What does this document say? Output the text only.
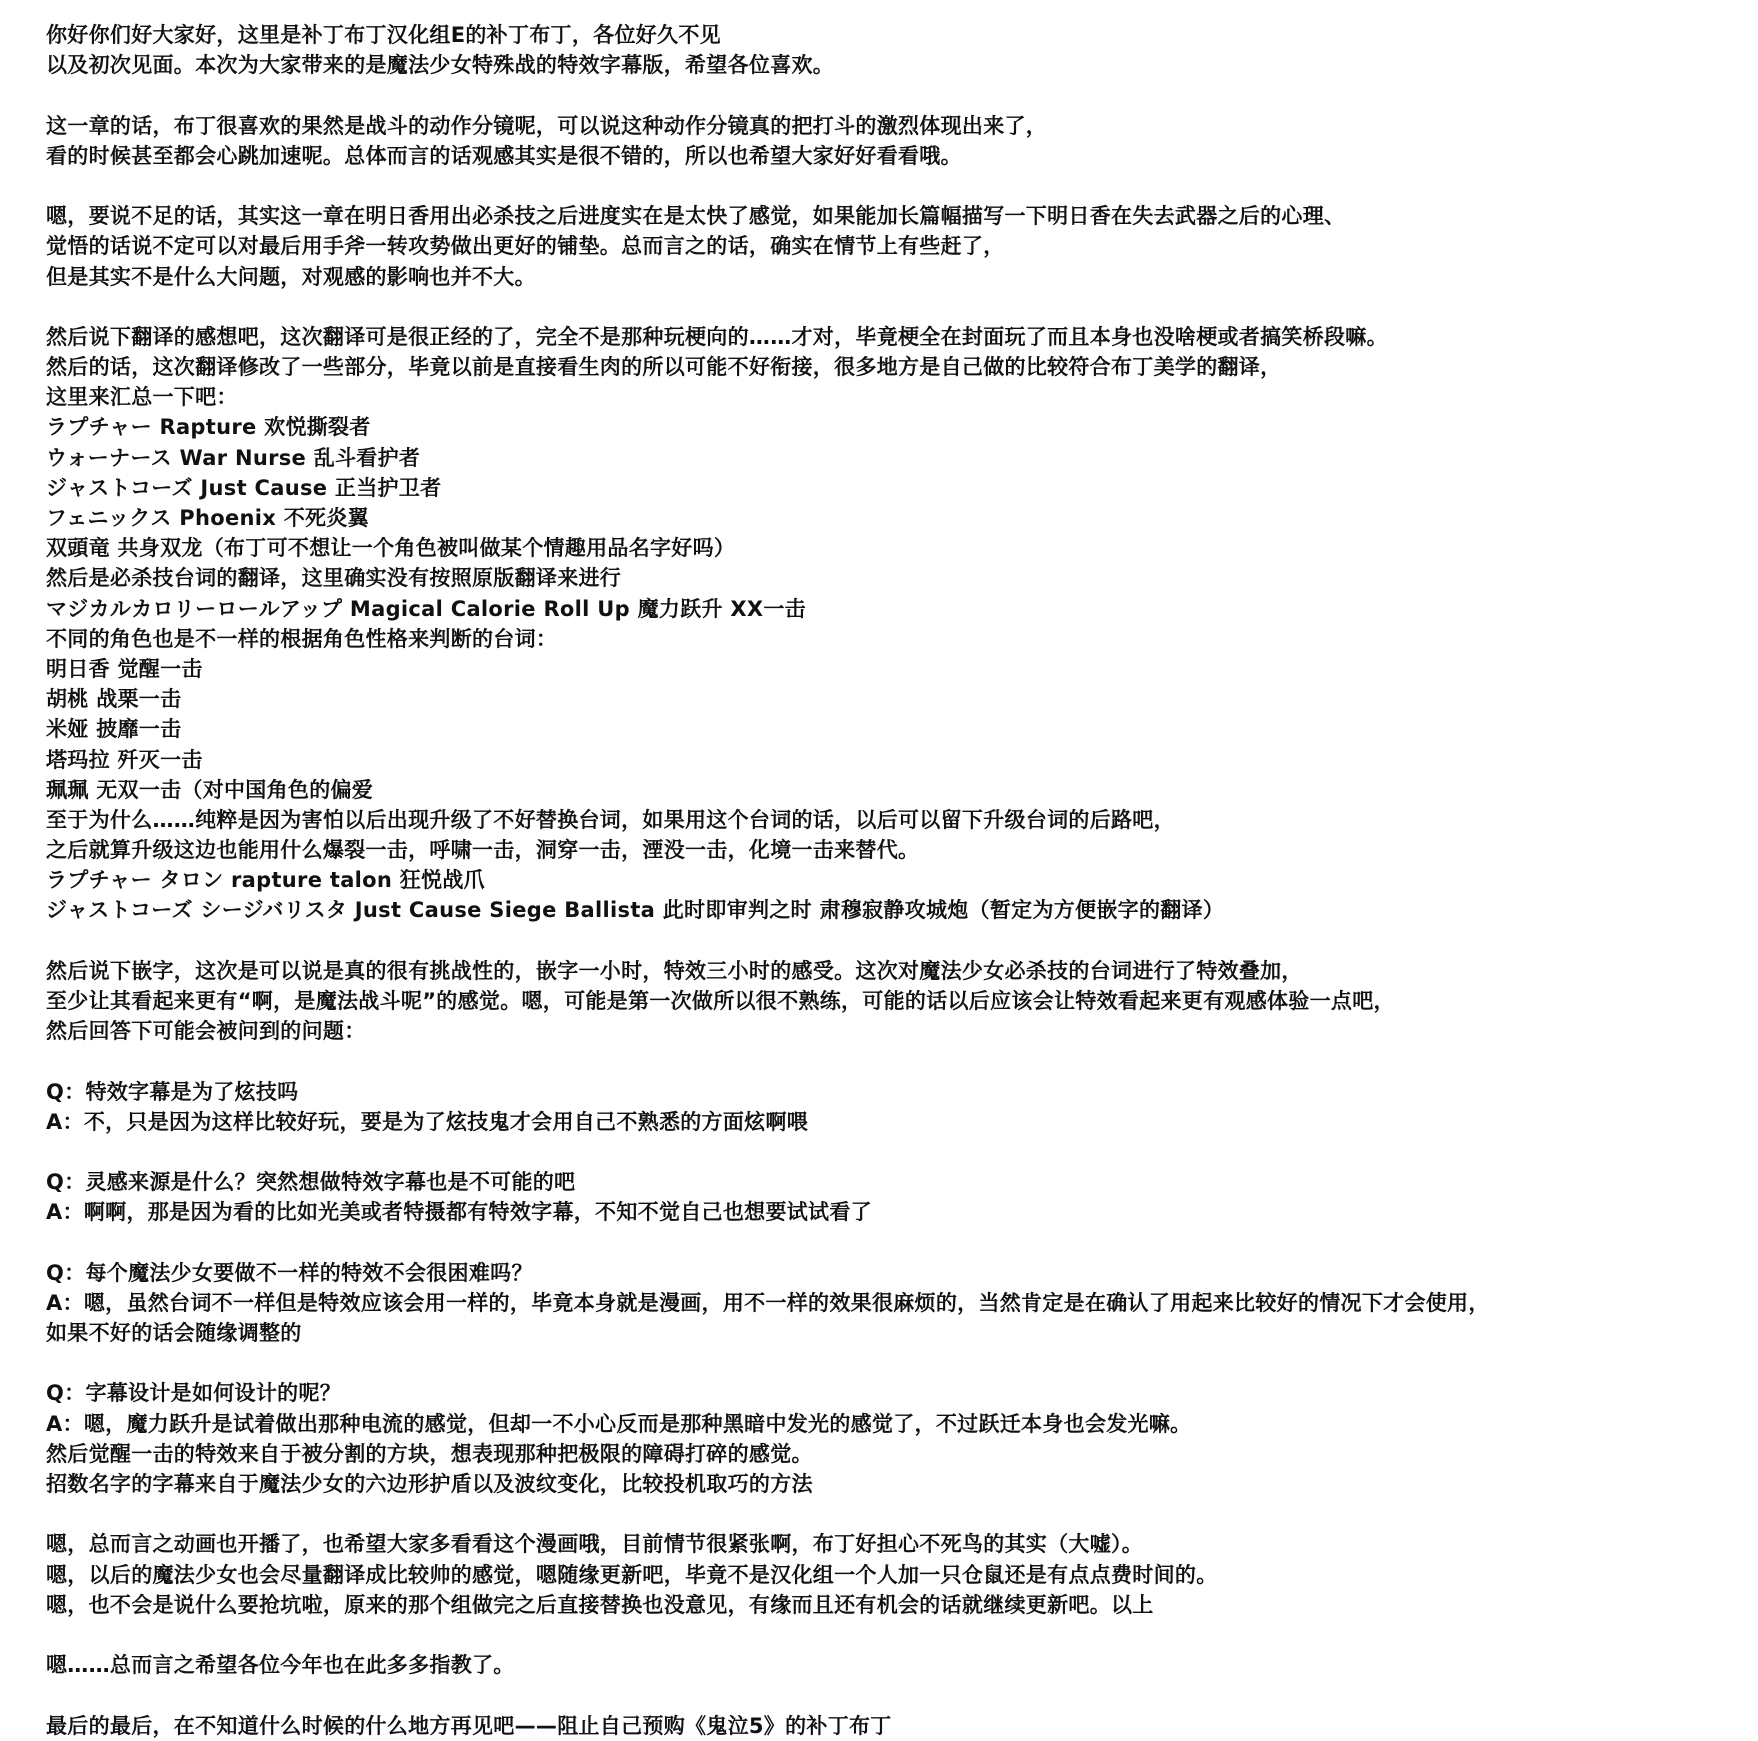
你好你们好大家好，这里是补丁布丁汉化组E的补丁布丁，各位好久不见
以及初次见面。本次为大家带来的是魔法少女特殊战的特效字幕版，希望各位喜欢。
这一章的话，布丁很喜欢的果然是战斗的动作分镜呢，可以说这种动作分镜真的把打斗的激烈体现出来了，
看的时候甚至都会心跳加速呢。总体而言的话观感其实是很不错的，所以也希望大家好好看看哦。
嗯，要说不足的话，其实这一章在明日香用出必杀技之后进度实在是太快了感觉，如果能加长篇幅描写一下明日香在失去武器之后的心理、
觉悟的话说不定可以对最后用手斧一转攻势做出更好的铺垫。总而言之的话，确实在情节上有些赶了，
但是其实不是什么大问题，对观感的影响也并不大。
然后说下翻译的感想吧，这次翻译可是很正经的了，完全不是那种玩梗向的……才对，毕竟梗全在封面玩了而且本身也没啥梗或者搞笑桥段嘛。
然后的话，这次翻译修改了一些部分，毕竟以前是直接看生肉的所以可能不好衔接，很多地方是自己做的比较符合布丁美学的翻译，
这里来汇总一下吧：
ラプチャー Rapture 欢悦撕裂者
ウォーナース War Nurse 乱斗看护者
ジャストコーズ Just Cause 正当护卫者
フェニックス Phoenix 不死炎翼
双頭竜 共身双龙（布丁可不想让一个角色被叫做某个情趣用品名字好吗）
然后是必杀技台词的翻译，这里确实没有按照原版翻译来进行
マジカルカロリーロールアップ Magical Calorie Roll Up 魔力跃升 XX一击
不同的角色也是不一样的根据角色性格来判断的台词：
明日香 觉醒一击
胡桃 战栗一击
米娅 披靡一击
塔玛拉 歼灭一击
珮珮 无双一击（对中国角色的偏爱
至于为什么……纯粹是因为害怕以后出现升级了不好替换台词，如果用这个台词的话，以后可以留下升级台词的后路吧，
之后就算升级这边也能用什么爆裂一击，呼啸一击，洞穿一击，湮没一击，化境一击来替代。
ラプチャー タロン rapture talon 狂悦战爪
ジャストコーズ シージバリスタ Just Cause Siege Ballista 此时即审判之时 肃穆寂静攻城炮（暂定为方便嵌字的翻译）
然后说下嵌字，这次是可以说是真的很有挑战性的，嵌字一小时，特效三小时的感受。这次对魔法少女必杀技的台词进行了特效叠加，
至少让其看起来更有“啊，是魔法战斗呢”的感觉。嗯，可能是第一次做所以很不熟练，可能的话以后应该会让特效看起来更有观感体验一点吧，
然后回答下可能会被问到的问题：
Q：特效字幕是为了炫技吗
A：不，只是因为这样比较好玩，要是为了炫技鬼才会用自己不熟悉的方面炫啊喂
Q：灵感来源是什么？突然想做特效字幕也是不可能的吧
A：啊啊，那是因为看的比如光美或者特摄都有特效字幕，不知不觉自己也想要试试看了
Q：每个魔法少女要做不一样的特效不会很困难吗？
A：嗯，虽然台词不一样但是特效应该会用一样的，毕竟本身就是漫画，用不一样的效果很麻烦的，当然肯定是在确认了用起来比较好的情况下才会使用，
如果不好的话会随缘调整的
Q：字幕设计是如何设计的呢？
A：嗯，魔力跃升是试着做出那种电流的感觉，但却一不小心反而是那种黑暗中发光的感觉了，不过跃迁本身也会发光嘛。
然后觉醒一击的特效来自于被分割的方块，想表现那种把极限的障碍打碎的感觉。
招数名字的字幕来自于魔法少女的六边形护盾以及波纹变化，比较投机取巧的方法
嗯，总而言之动画也开播了，也希望大家多看看这个漫画哦，目前情节很紧张啊，布丁好担心不死鸟的其实（大嘘）。
嗯，以后的魔法少女也会尽量翻译成比较帅的感觉，嗯随缘更新吧，毕竟不是汉化组一个人加一只仓鼠还是有点点费时间的。
嗯，也不会是说什么要抢坑啦，原来的那个组做完之后直接替换也没意见，有缘而且还有机会的话就继续更新吧。以上
嗯……总而言之希望各位今年也在此多多指教了。
最后的最后，在不知道什么时候的什么地方再见吧——阻止自己预购《鬼泣5》的补丁布丁
